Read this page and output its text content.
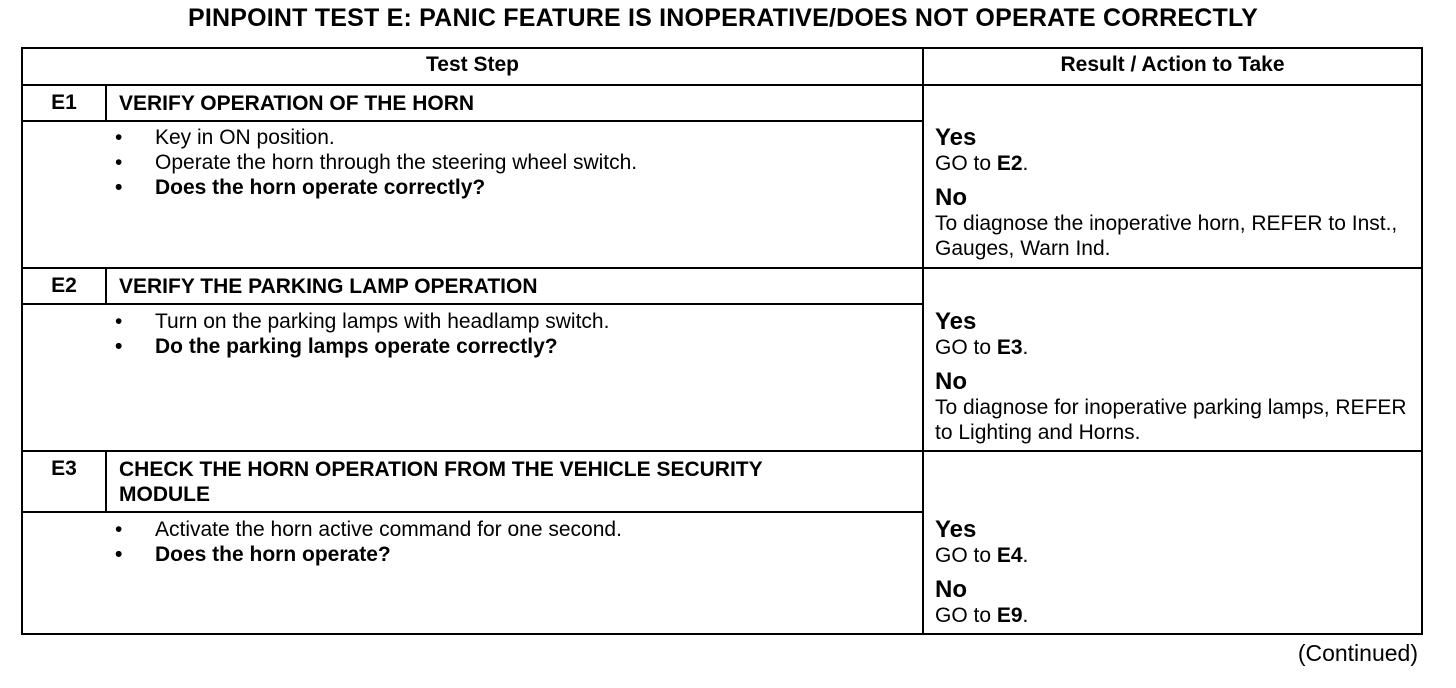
PINPOINT TEST E: PANIC FEATURE IS INOPERATIVE/DOES NOT OPERATE CORRECTLY
Test Step	Result / Action to Take
E1	VERIFY OPERATION OF THE HORN
• Key in ON position.
• Operate the horn through the steering wheel switch.
• Does the horn operate correctly?
Yes
GO to E2.
No
To diagnose the inoperative horn, REFER to Inst., Gauges, Warn Ind.
E2	VERIFY THE PARKING LAMP OPERATION
• Turn on the parking lamps with headlamp switch.
• Do the parking lamps operate correctly?
Yes
GO to E3.
No
To diagnose for inoperative parking lamps, REFER to Lighting and Horns.
E3	CHECK THE HORN OPERATION FROM THE VEHICLE SECURITY MODULE
• Activate the horn active command for one second.
• Does the horn operate?
Yes
GO to E4.
No
GO to E9.
(Continued)
